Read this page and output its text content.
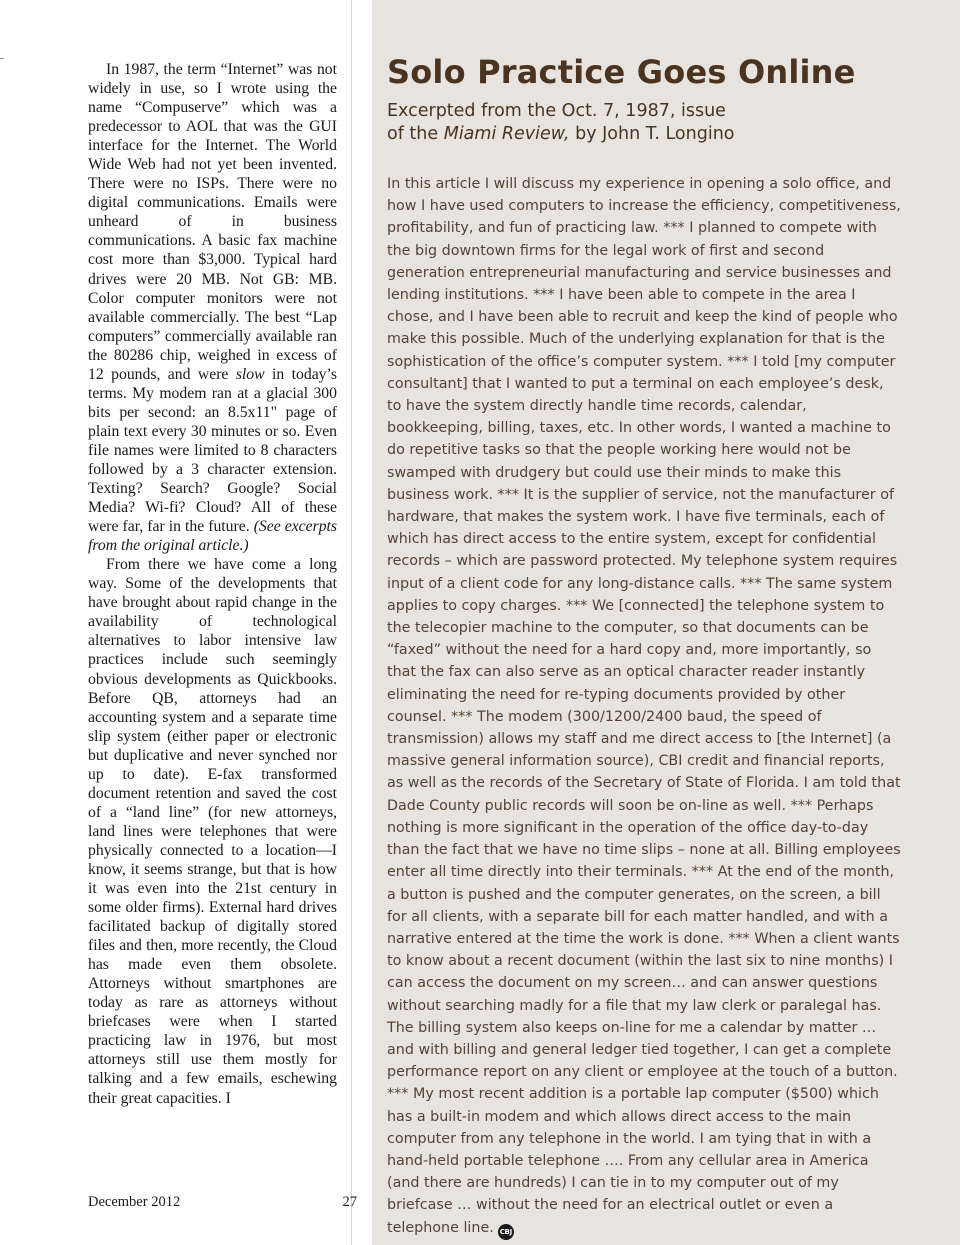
In 1987, the term “Internet” was not widely in use, so I wrote using the name “Compuserve” which was a predecessor to AOL that was the GUI interface for the Internet. The World Wide Web had not yet been invented. There were no ISPs. There were no digital communications. Emails were unheard of in business communications. A basic fax machine cost more than $3,000. Typical hard drives were 20 MB. Not GB: MB. Color computer monitors were not available commercially. The best “Lap computers” commercially available ran the 80286 chip, weighed in excess of 12 pounds, and were slow in today’s terms. My modem ran at a glacial 300 bits per second: an 8.5x11" page of plain text every 30 minutes or so. Even file names were limited to 8 characters followed by a 3 character extension. Texting? Search? Google? Social Media? Wi-fi? Cloud? All of these were far, far in the future. (See excerpts from the original article.)

From there we have come a long way. Some of the developments that have brought about rapid change in the availability of technological alternatives to labor intensive law practices include such seemingly obvious developments as Quickbooks. Before QB, attorneys had an accounting system and a separate time slip system (either paper or electronic but duplicative and never synched nor up to date). E-fax transformed document retention and saved the cost of a “land line” (for new attorneys, land lines were telephones that were physically connected to a location—I know, it seems strange, but that is how it was even into the 21st century in some older firms). External hard drives facilitated backup of digitally stored files and then, more recently, the Cloud has made even them obsolete. Attorneys without smartphones are today as rare as attorneys without briefcases were when I started practicing law in 1976, but most attorneys still use them mostly for talking and a few emails, eschewing their great capacities. I

Solo Practice Goes Online
Excerpted from the Oct. 7, 1987, issue
of the Miami Review, by John T. Longino

In this article I will discuss my experience in opening a solo office, and how I have used computers to increase the efficiency, competitiveness, profitability, and fun of practicing law. *** I planned to compete with the big downtown firms for the legal work of first and second generation entrepreneurial manufacturing and service businesses and lending institutions. *** I have been able to compete in the area I chose, and I have been able to recruit and keep the kind of people who make this possible. Much of the underlying explanation for that is the sophistication of the office’s computer system. *** I told [my computer consultant] that I wanted to put a terminal on each employee’s desk, to have the system directly handle time records, calendar, bookkeeping, billing, taxes, etc. In other words, I wanted a machine to do repetitive tasks so that the people working here would not be swamped with drudgery but could use their minds to make this business work. *** It is the supplier of service, not the manufacturer of hardware, that makes the system work. I have five terminals, each of which has direct access to the entire system, except for confidential records – which are password protected. My telephone system requires input of a client code for any long-distance calls. *** The same system applies to copy charges. *** We [connected] the telephone system to the telecopier machine to the computer, so that documents can be “faxed” without the need for a hard copy and, more importantly, so that the fax can also serve as an optical character reader instantly eliminating the need for re-typing documents provided by other counsel. *** The modem (300/1200/2400 baud, the speed of transmission) allows my staff and me direct access to [the Internet] (a massive general information source), CBI credit and financial reports, as well as the records of the Secretary of State of Florida. I am told that Dade County public records will soon be on-line as well. *** Perhaps nothing is more significant in the operation of the office day-to-day than the fact that we have no time slips – none at all. Billing employees enter all time directly into their terminals. *** At the end of the month, a button is pushed and the computer generates, on the screen, a bill for all clients, with a separate bill for each matter handled, and with a narrative entered at the time the work is done. *** When a client wants to know about a recent document (within the last six to nine months) I can access the document on my screen… and can answer questions without searching madly for a file that my law clerk or paralegal has. The billing system also keeps on-line for me a calendar by matter …and with billing and general ledger tied together, I can get a complete performance report on any client or employee at the touch of a button. *** My most recent addition is a portable lap computer ($500) which has a built-in modem and which allows direct access to the main computer from any telephone in the world. I am tying that in with a hand-held portable telephone …. From any cellular area in America (and there are hundreds) I can tie in to my computer out of my briefcase … without the need for an electrical outlet or even a telephone line. CBJ

December 2012	27
